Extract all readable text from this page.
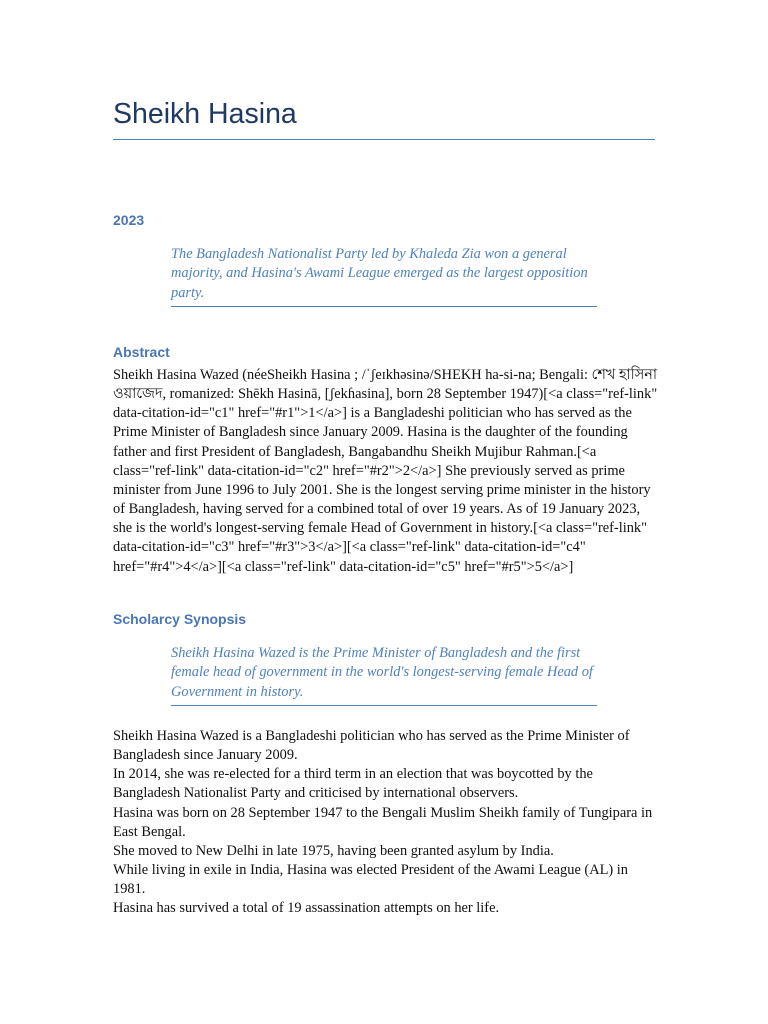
Sheikh Hasina
2023

The Bangladesh Nationalist Party led by Khaleda Zia won a general majority, and Hasina's Awami League emerged as the largest opposition party.

Abstract

Sheikh Hasina Wazed (néeSheikh Hasina ; /ˈʃeɪkhəsinə/SHEKH ha-si-na; Bengali: শেখ হাসিনা ওয়াজেদ, romanized: Shēkh Hasinā, [ʃekɦasina], born 28 September 1947)[<a class="ref-link" data-citation-id="c1" href="#r1">1</a>] is a Bangladeshi politician who has served as the Prime Minister of Bangladesh since January 2009. Hasina is the daughter of the founding father and first President of Bangladesh, Bangabandhu Sheikh Mujibur Rahman.[<a class="ref-link" data-citation-id="c2" href="#r2">2</a>] She previously served as prime minister from June 1996 to July 2001. She is the longest serving prime minister in the history of Bangladesh, having served for a combined total of over 19 years. As of 19 January 2023, she is the world's longest-serving female Head of Government in history.[<a class="ref-link" data-citation-id="c3" href="#r3">3</a>][<a class="ref-link" data-citation-id="c4" href="#r4">4</a>][<a class="ref-link" data-citation-id="c5" href="#r5">5</a>]

Scholarcy Synopsis

Sheikh Hasina Wazed is the Prime Minister of Bangladesh and the first female head of government in the world's longest-serving female Head of Government in history.

Sheikh Hasina Wazed is a Bangladeshi politician who has served as the Prime Minister of Bangladesh since January 2009.
In 2014, she was re-elected for a third term in an election that was boycotted by the Bangladesh Nationalist Party and criticised by international observers.
Hasina was born on 28 September 1947 to the Bengali Muslim Sheikh family of Tungipara in East Bengal.
She moved to New Delhi in late 1975, having been granted asylum by India.
While living in exile in India, Hasina was elected President of the Awami League (AL) in 1981.
Hasina has survived a total of 19 assassination attempts on her life.
